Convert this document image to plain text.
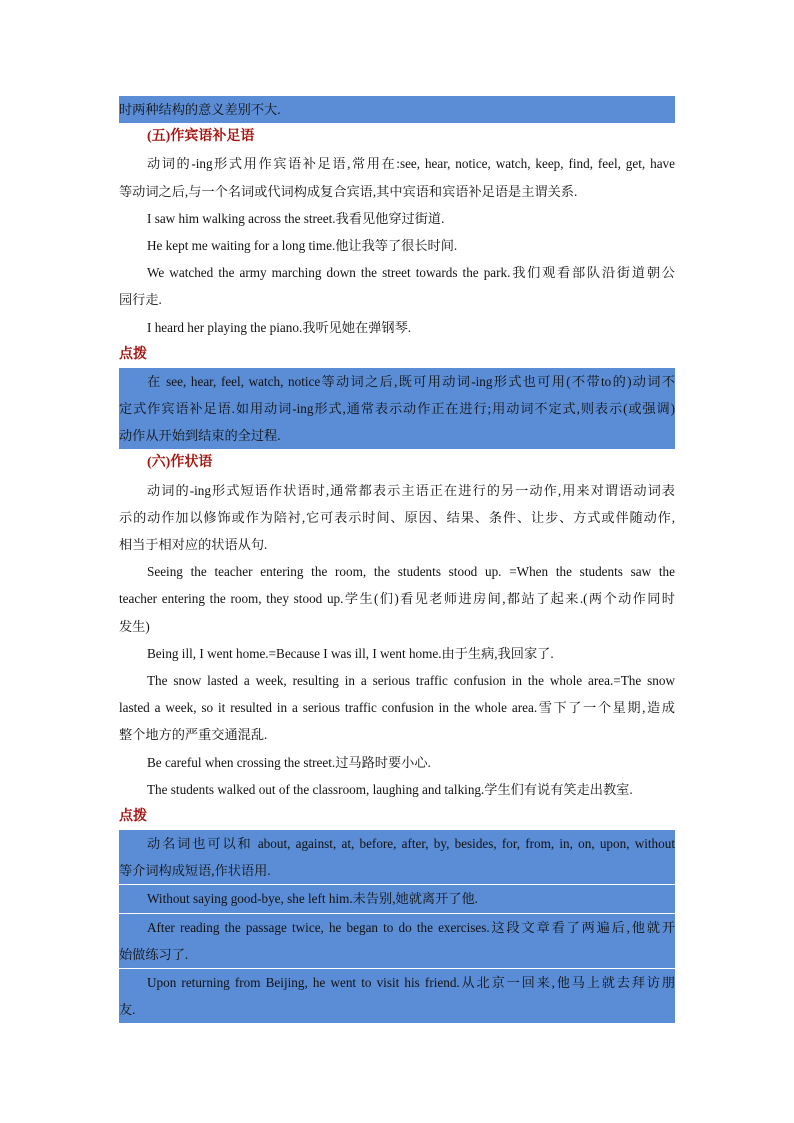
时两种结构的意义差别不大.
(五)作宾语补足语
动词的-ing形式用作宾语补足语,常用在:see, hear, notice, watch, keep, find, feel, get, have
等动词之后,与一个名词或代词构成复合宾语,其中宾语和宾语补足语是主谓关系.
I saw him walking across the street.我看见他穿过街道.
He kept me waiting for a long time.他让我等了很长时间.
We watched the army marching down the street towards the park.我们观看部队沿街道朝公
园行走.
I heard her playing the piano.我听见她在弹钢琴.
点拨
在 see, hear, feel, watch, notice等动词之后,既可用动词-ing形式也可用(不带to的)动词不
定式作宾语补足语.如用动词-ing形式,通常表示动作正在进行;用动词不定式,则表示(或强调)
动作从开始到结束的全过程.
(六)作状语
动词的-ing形式短语作状语时,通常都表示主语正在进行的另一动作,用来对谓语动词表
示的动作加以修饰或作为陪衬,它可表示时间、原因、结果、条件、让步、方式或伴随动作,
相当于相对应的状语从句.
Seeing the teacher entering the room, the students stood up. =When the students saw the
teacher entering the room, they stood up.学生(们)看见老师进房间,都站了起来.(两个动作同时
发生)
Being ill, I went home.=Because I was ill, I went home.由于生病,我回家了.
The snow lasted a week, resulting in a serious traffic confusion in the whole area.=The snow
lasted a week, so it resulted in a serious traffic confusion in the whole area.雪下了一个星期,造成
整个地方的严重交通混乱.
Be careful when crossing the street.过马路时要小心.
The students walked out of the classroom, laughing and talking.学生们有说有笑走出教室.
点拨
动名词也可以和 about, against, at, before, after, by, besides, for, from, in, on, upon, without
等介词构成短语,作状语用.
Without saying good-bye, she left him.未告别,她就离开了他.
After reading the passage twice, he began to do the exercises.这段文章看了两遍后,他就开
始做练习了.
Upon returning from Beijing, he went to visit his friend.从北京一回来,他马上就去拜访朋
友.
